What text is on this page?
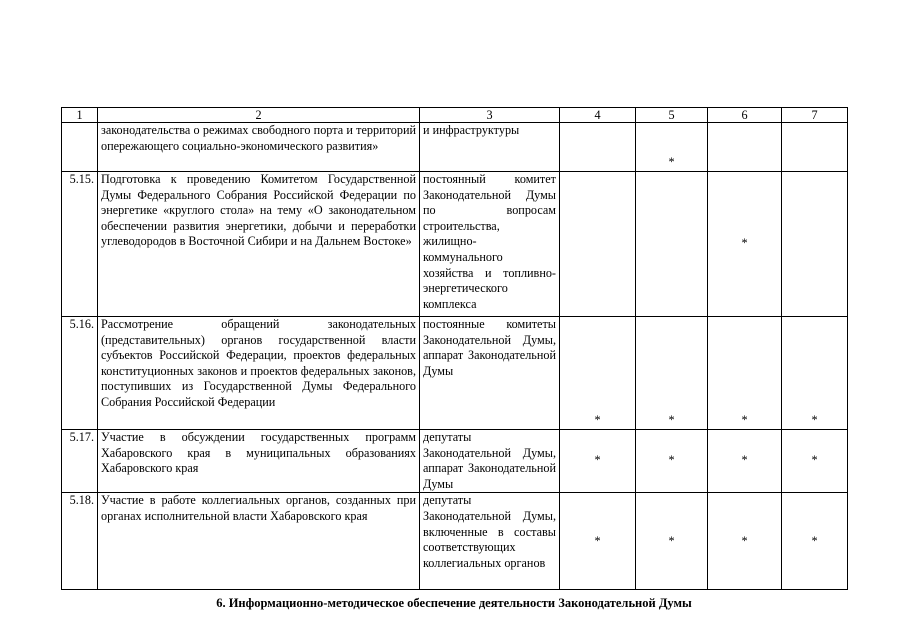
1	2	3	4	5	6	7
	законодательства о режимах свободного порта и территорий опережающего социально-экономического развития»	и инфраструктуры		*		
5.15.	Подготовка к проведению Комитетом Государственной Думы Федерального Собрания Российской Федерации по энергетике «круглого стола» на тему «О законодательном обеспечении развития энергетики, добычи и переработки углеводородов в Восточной Сибири и на Дальнем Востоке»	постоянный комитет Законодательной Думы по вопросам строительства, жилищно-коммунального хозяйства и топливно-энергетического комплекса			*	
5.16.	Рассмотрение обращений законодательных (представительных) органов государственной власти субъектов Российской Федерации, проектов федеральных конституционных законов и проектов федеральных законов, поступивших из Государственной Думы Федерального Собрания Российской Федерации	постоянные комитеты Законодательной Думы, аппарат Законодательной Думы	*	*	*	*
5.17.	Участие в обсуждении государственных программ Хабаровского края в муниципальных образованиях Хабаровского края	депутаты Законодательной Думы, аппарат Законодательной Думы	*	*	*	*
5.18.	Участие в работе коллегиальных органов, созданных при органах исполнительной власти Хабаровского края	депутаты Законодательной Думы, включенные в составы соответствующих коллегиальных органов	*	*	*	*
6. Информационно-методическое обеспечение деятельности Законодательной Думы
